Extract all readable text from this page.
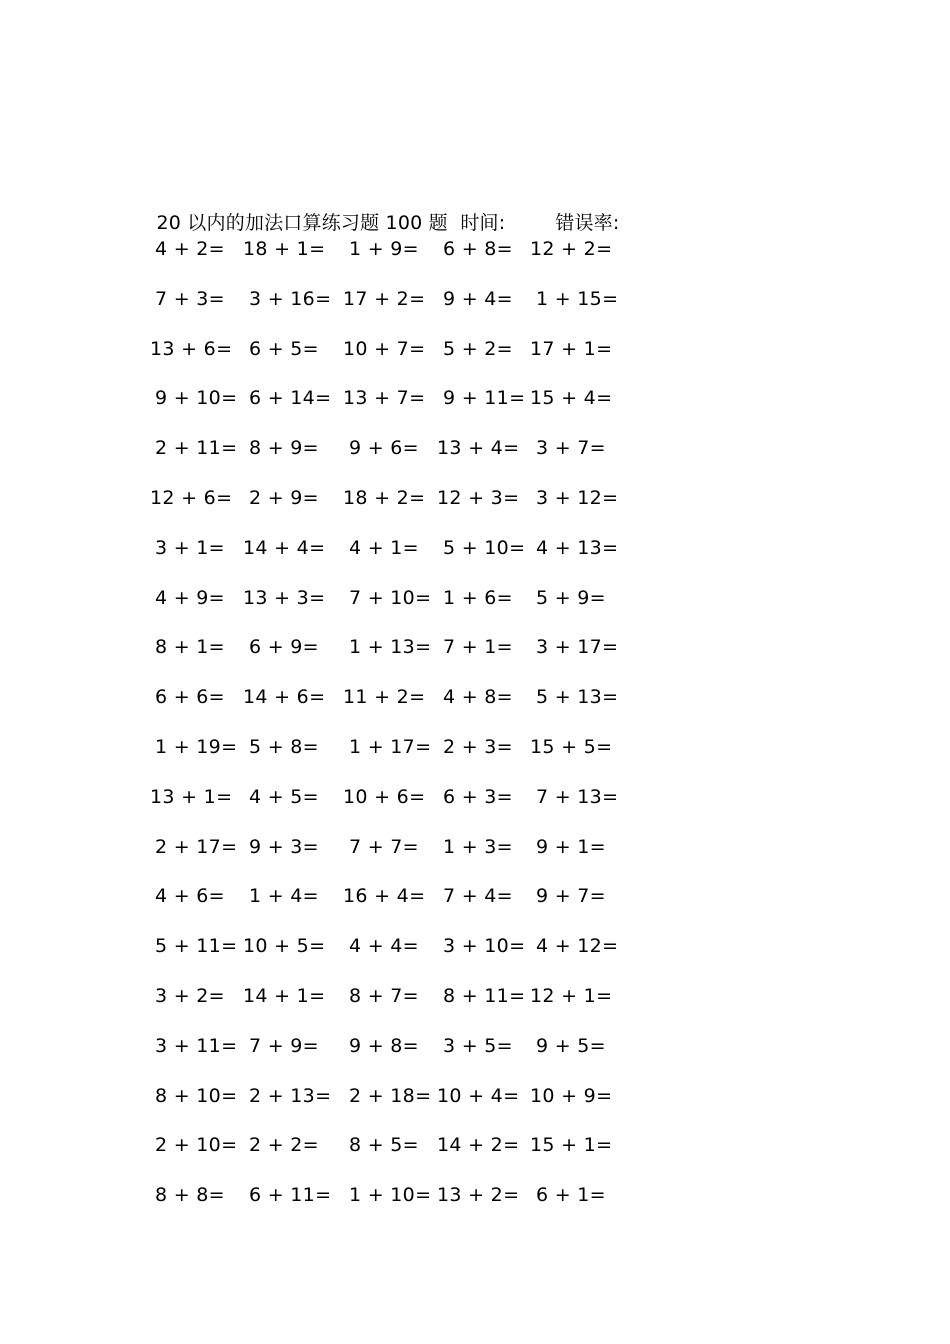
20 以内的加法口算练习题 100 题 时间:	错误率:

4 + 2= 18 + 1= 1 + 9= 6 + 8= 12 + 2=
7 + 3= 3 + 16= 17 + 2= 9 + 4= 1 + 15=
13 + 6= 6 + 5= 10 + 7= 5 + 2= 17 + 1=
9 + 10= 6 + 14= 13 + 7= 9 + 11= 15 + 4=
2 + 11= 8 + 9= 9 + 6= 13 + 4= 3 + 7=
12 + 6= 2 + 9= 18 + 2= 12 + 3= 3 + 12=
3 + 1= 14 + 4= 4 + 1= 5 + 10= 4 + 13=
4 + 9= 13 + 3= 7 + 10= 1 + 6= 5 + 9=
8 + 1= 6 + 9= 1 + 13= 7 + 1= 3 + 17=
6 + 6= 14 + 6= 11 + 2= 4 + 8= 5 + 13=
1 + 19= 5 + 8= 1 + 17= 2 + 3= 15 + 5=
13 + 1= 4 + 5= 10 + 6= 6 + 3= 7 + 13=
2 + 17= 9 + 3= 7 + 7= 1 + 3= 9 + 1=
4 + 6= 1 + 4= 16 + 4= 7 + 4= 9 + 7=
5 + 11= 10 + 5= 4 + 4= 3 + 10= 4 + 12=
3 + 2= 14 + 1= 8 + 7= 8 + 11= 12 + 1=
3 + 11= 7 + 9= 9 + 8= 3 + 5= 9 + 5=
8 + 10= 2 + 13= 2 + 18= 10 + 4= 10 + 9=
2 + 10= 2 + 2= 8 + 5= 14 + 2= 15 + 1=
8 + 8= 6 + 11= 1 + 10= 13 + 2= 6 + 1=
